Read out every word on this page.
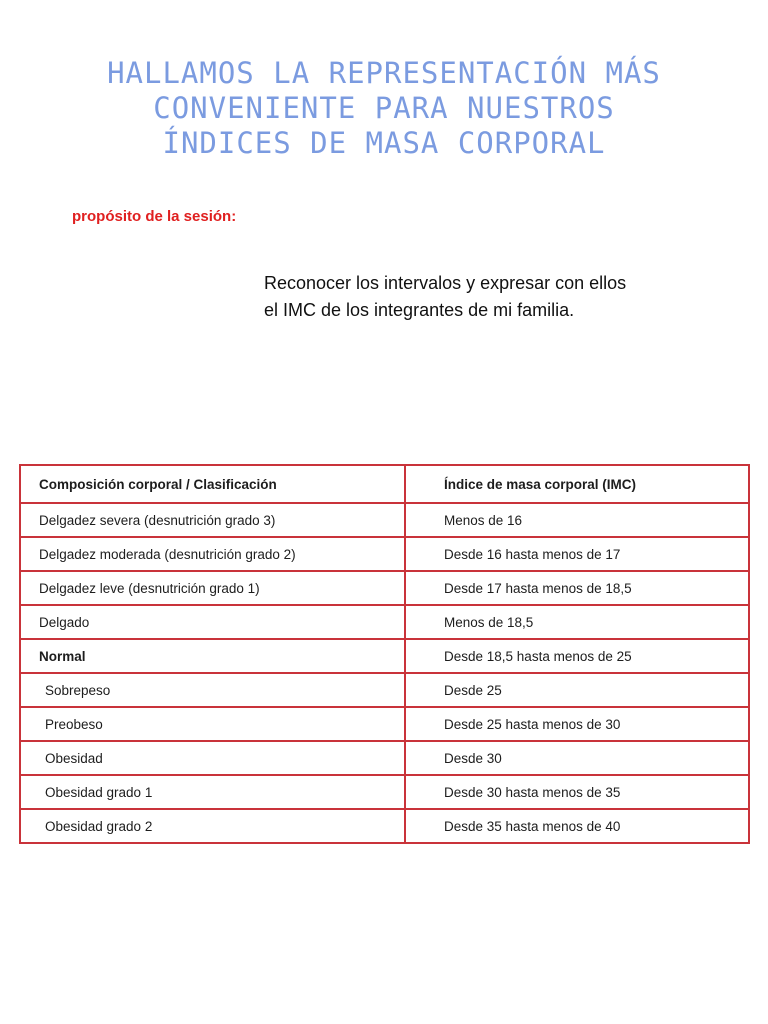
HALLAMOS LA REPRESENTACIÓN MÁS
CONVENIENTE PARA NUESTROS
ÍNDICES DE MASA CORPORAL
propósito de la sesión:
Reconocer los intervalos y expresar con ellos el IMC de los integrantes de mi familia.
Composición corporal / Clasificación	Índice de masa corporal (IMC)
Delgadez severa (desnutrición grado 3)	Menos de 16
Delgadez moderada (desnutrición grado 2)	Desde 16 hasta menos de 17
Delgadez leve (desnutrición grado 1)	Desde 17 hasta menos de 18,5
Delgado	Menos de 18,5
Normal	Desde 18,5 hasta menos de 25
Sobrepeso	Desde 25
Preobeso	Desde 25 hasta menos de 30
Obesidad	Desde 30
Obesidad grado 1	Desde 30 hasta menos de 35
Obesidad grado 2	Desde 35 hasta menos de 40
